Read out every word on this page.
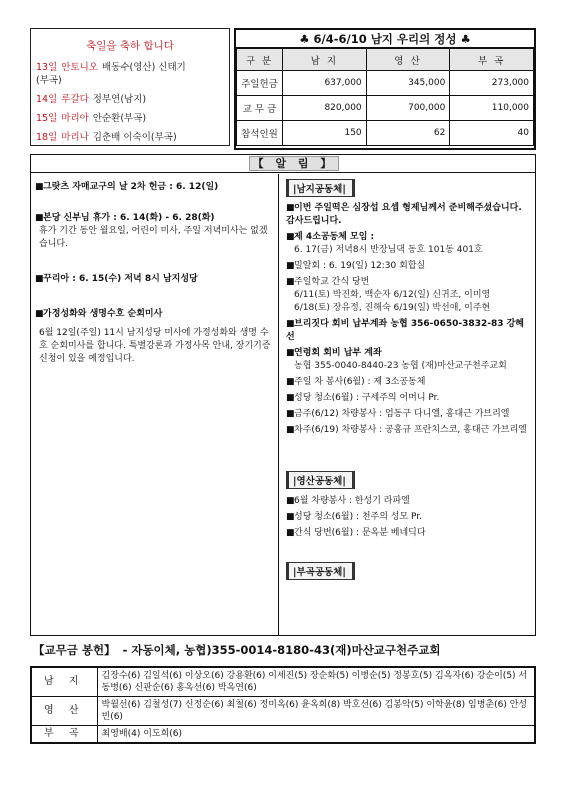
축일을 축하 합니다
13일 안토니오 배동수(영산) 신태기
(부곡)
14일 루갈다 정부연(남지)
15일 마리아 안순환(부곡)
18일 마리나 김춘배 이숙이(부곡)
♣ 6/4-6/10 남지 우리의 정성 ♣
구 분	남 지	영 산	부 곡
주일헌금	637,000	345,000	273,000
교 무 금	820,000	700,000	110,000
참석인원	150	62	40
【 알 림 】
■그랏츠 자매교구의 날 2차 헌금 : 6. 12(일)
■본당 신부님 휴가 : 6. 14(화) - 6. 28(화)
휴가 기간 동안 월요일, 어린이 미사, 주일 저녁미사는 없겠습니다.
■꾸리아 : 6. 15(수) 저녁 8시 남지성당
■가정성화와 생명수호 순회미사
6월 12일(주일) 11시 남지성당 미사에 가정성화와 생명 수호 순회미사를 합니다. 특별강론과 가정사목 안내, 장기기증 신청이 있을 예정입니다.
|남지공동체|
■이번 주일떡은 심장섭 요셉 형제님께서 준비해주셨습니다. 감사드립니다.
■제 4소공동체 모임 :
6. 17(금) 저녁8시 반장님댁 동호 101동 401호
■밀알회 : 6. 19(일) 12:30 회합실
■주일학교 간식 당번
6/11(토) 박진화, 백순자 6/12(일) 신귀조, 이미영
6/18(토) 장유정, 진해숙 6/19(일) 박선애, 이주현
■브리짓다 회비 납부계좌 농협 356-0650-3832-83 강혜선
■연령회 회비 납부 계좌
농협 355-0040-8440-23 농협 (재)마산교구천주교회
■주일 차 봉사(6월) : 제 3소공동체
■성당 청소(6월) : 구세주의 어머니 Pr.
■금주(6/12) 차량봉사 : 엄동구 다니엘, 홍대근 가브리엘
■차주(6/19) 차량봉사 : 공홍규 프란치스코, 홍대근 가브리엘
|영산공동체|
■6월 차량봉사 : 한성기 라파엘
■성당 청소(6월) : 천주의 성모 Pr.
■간식 당번(6월) : 문옥분 베네딕다
|부곡공동체|
【교무금 봉헌】 - 자동이체, 농협)355-0014-8180-43(재)마산교구천주교회
남 지	김장수(6) 김일석(6) 이상오(6) 강용환(6) 이세진(5) 장순화(5) 이병순(5) 정봉호(5) 김옥자(6) 강순이(5) 서동병(6) 신판순(6) 홍옥선(6) 박옥연(6)
영 산	박월선(6) 김철성(7) 신정순(6) 최철(6) 정미옥(6) 윤옥희(8) 박호선(6) 김봉악(5) 이학윤(8) 임병춘(6) 안성빈(6)
부 곡	최영배(4) 이도희(6)
